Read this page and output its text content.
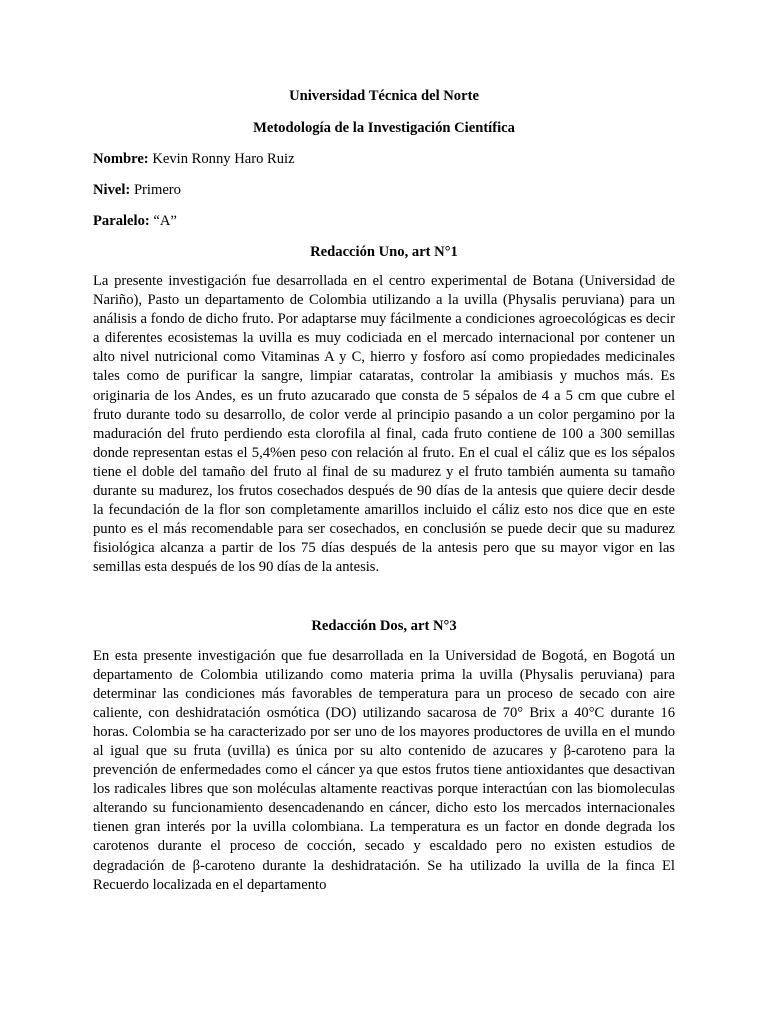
Universidad Técnica del Norte

Metodología de la Investigación Científica

Nombre: Kevin Ronny Haro Ruiz

Nivel: Primero

Paralelo: “A”

Redacción Uno, art N°1

La presente investigación fue desarrollada en el centro experimental de Botana (Universidad de Nariño), Pasto un departamento de Colombia utilizando a la uvilla (Physalis peruviana) para un análisis a fondo de dicho fruto. Por adaptarse muy fácilmente a condiciones agroecológicas es decir a diferentes ecosistemas la uvilla es muy codiciada en el mercado internacional por contener un alto nivel nutricional como Vitaminas A y C, hierro y fosforo así como propiedades medicinales tales como de purificar la sangre, limpiar cataratas, controlar la amibiasis y muchos más. Es originaria de los Andes, es un fruto azucarado que consta de 5 sépalos de 4 a 5 cm que cubre el fruto durante todo su desarrollo, de color verde al principio pasando a un color pergamino por la maduración del fruto perdiendo esta clorofila al final, cada fruto contiene de 100 a 300 semillas donde representan estas el 5,4%en peso con relación al fruto. En el cual el cáliz que es los sépalos tiene el doble del tamaño del fruto al final de su madurez y el fruto también aumenta su tamaño durante su madurez, los frutos cosechados después de 90 días de la antesis que quiere decir desde la fecundación de la flor son completamente amarillos incluido el cáliz esto nos dice que en este punto es el más recomendable para ser cosechados, en conclusión se puede decir que su madurez fisiológica alcanza a partir de los 75 días después de la antesis pero que su mayor vigor en las semillas esta después de los 90 días de la antesis.

Redacción Dos, art N°3

En esta presente investigación que fue desarrollada en la Universidad de Bogotá, en Bogotá un departamento de Colombia utilizando como materia prima la uvilla (Physalis peruviana) para determinar las condiciones más favorables de temperatura para un proceso de secado con aire caliente, con deshidratación osmótica (DO) utilizando sacarosa de 70° Brix a 40°C durante 16 horas. Colombia se ha caracterizado por ser uno de los mayores productores de uvilla en el mundo al igual que su fruta (uvilla) es única por su alto contenido de azucares y β-caroteno para la prevención de enfermedades como el cáncer ya que estos frutos tiene antioxidantes que desactivan los radicales libres que son moléculas altamente reactivas porque interactúan con las biomoleculas alterando su funcionamiento desencadenando en cáncer, dicho esto los mercados internacionales tienen gran interés por la uvilla colombiana. La temperatura es un factor en donde degrada los carotenos durante el proceso de cocción, secado y escaldado pero no existen estudios de degradación de β-caroteno durante la deshidratación. Se ha utilizado la uvilla de la finca El Recuerdo localizada en el departamento
